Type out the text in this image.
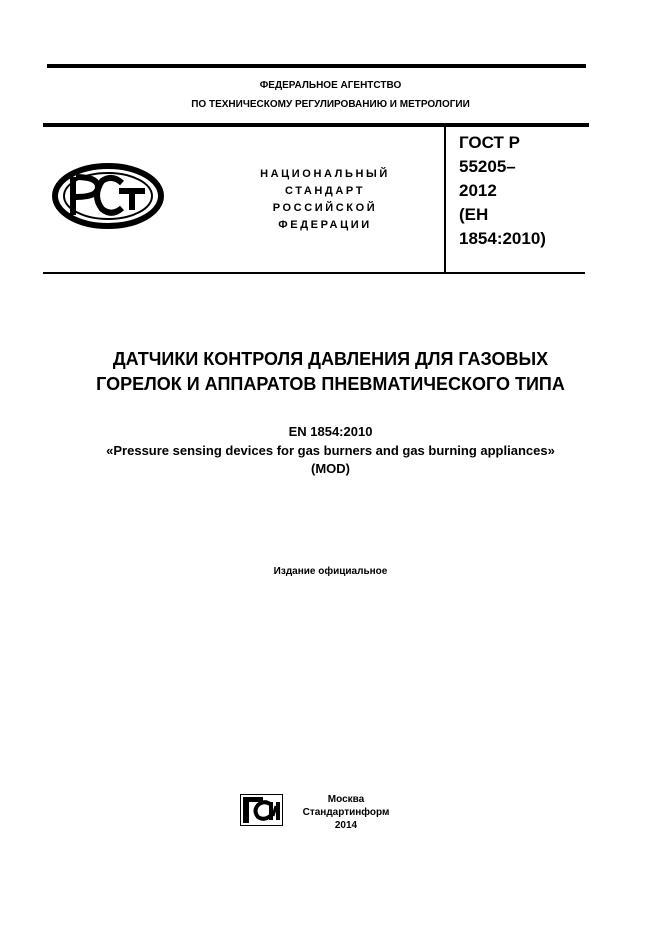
ФЕДЕРАЛЬНОЕ АГЕНТСТВО
ПО ТЕХНИЧЕСКОМУ РЕГУЛИРОВАНИЮ И МЕТРОЛОГИИ
НАЦИОНАЛЬНЫЙ
СТАНДАРТ
РОССИЙСКОЙ
ФЕДЕРАЦИИ
ГОСТ Р
55205–
2012
(ЕН
1854:2010)
ДАТЧИКИ КОНТРОЛЯ ДАВЛЕНИЯ ДЛЯ ГАЗОВЫХ
ГОРЕЛОК И АППАРАТОВ ПНЕВМАТИЧЕСКОГО ТИПА
EN 1854:2010
«Pressure sensing devices for gas burners and gas burning appliances»
(MOD)
Издание официальное
Москва
Стандартинформ
2014
